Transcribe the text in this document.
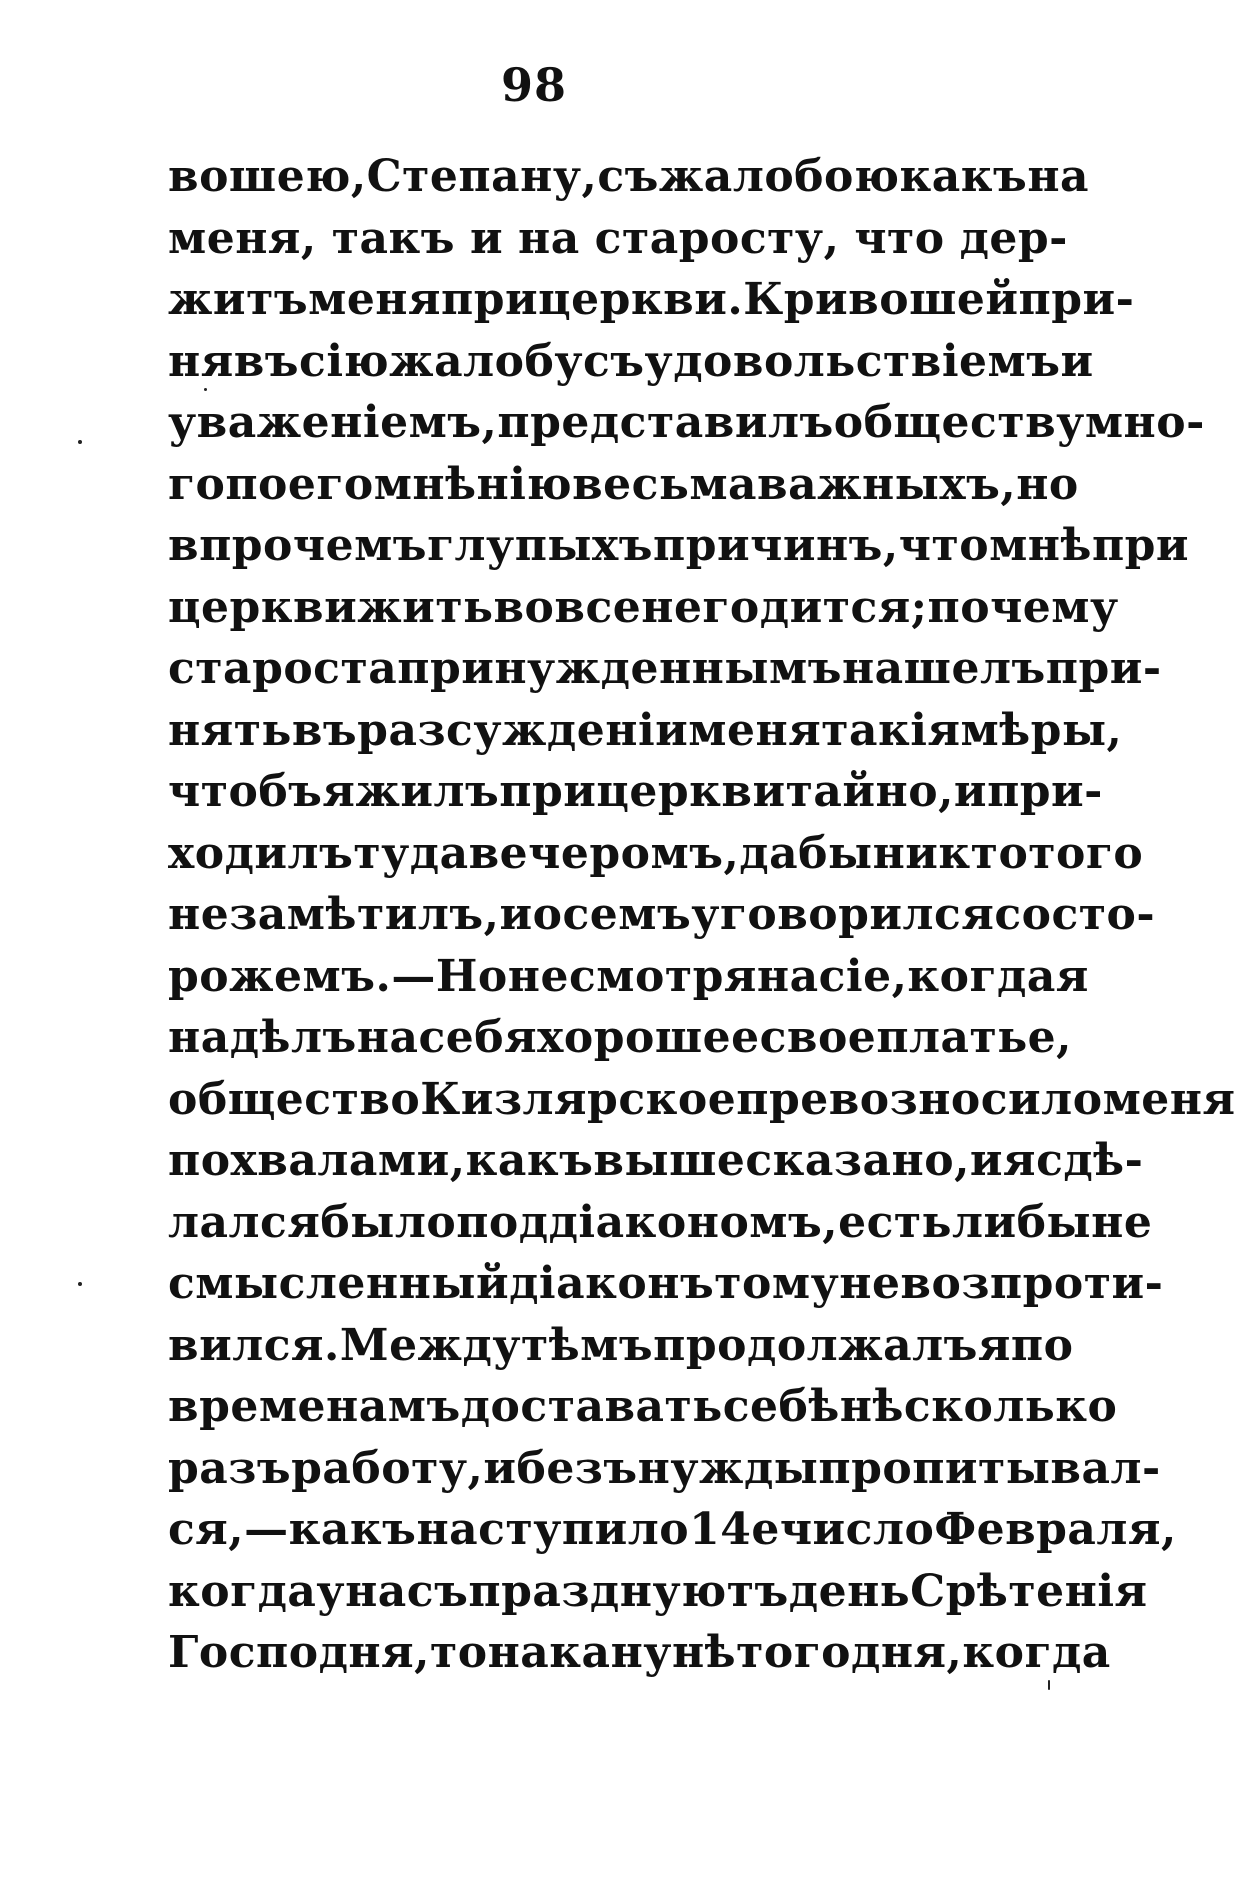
98
вошею, Степану, съ жалобою какъ на
меня, такъ и на старосту, что дер-
житъ меня при церкви. Кривошей при-
нявъ сію жалобу съ удовольствіемъ и
уваженіемъ, представилъ обществу мно-
го по его мнѣнію весьма важныхъ, но
впрочемъ глупыхъ причинъ, что мнѣ при
церкви жить во все негодится; по чему
староста принужденнымъ нашелъ при-
нять въ разсужденіи меня такія мѣры,
чтобъ я жилъ при церкви тайно, и при-
ходилъ туда вечеромъ, дабы никто того
незамѣтилъ, и о семъ уговорился со сто-
рожемъ. — Но не смотря на сіе, когда я
надѣлъ на себя хорошее свое платье,
общество Кизлярское превозносило меня
похвалами, какъ выше сказано, и я сдѣ-
лался было поддіакономъ, естьли бы не
смысленный діаконъ тому невозпроти-
вился. Между тѣмъ продолжалъ я по
временамъ доставать себѣ нѣсколько
разъ работу, и безъ нужды пропитывал-
ся, — какъ наступило 14е число Февраля,
когда у насъ празднуютъ день Срѣтенія
Господня, то на канунѣ того дня, когда
